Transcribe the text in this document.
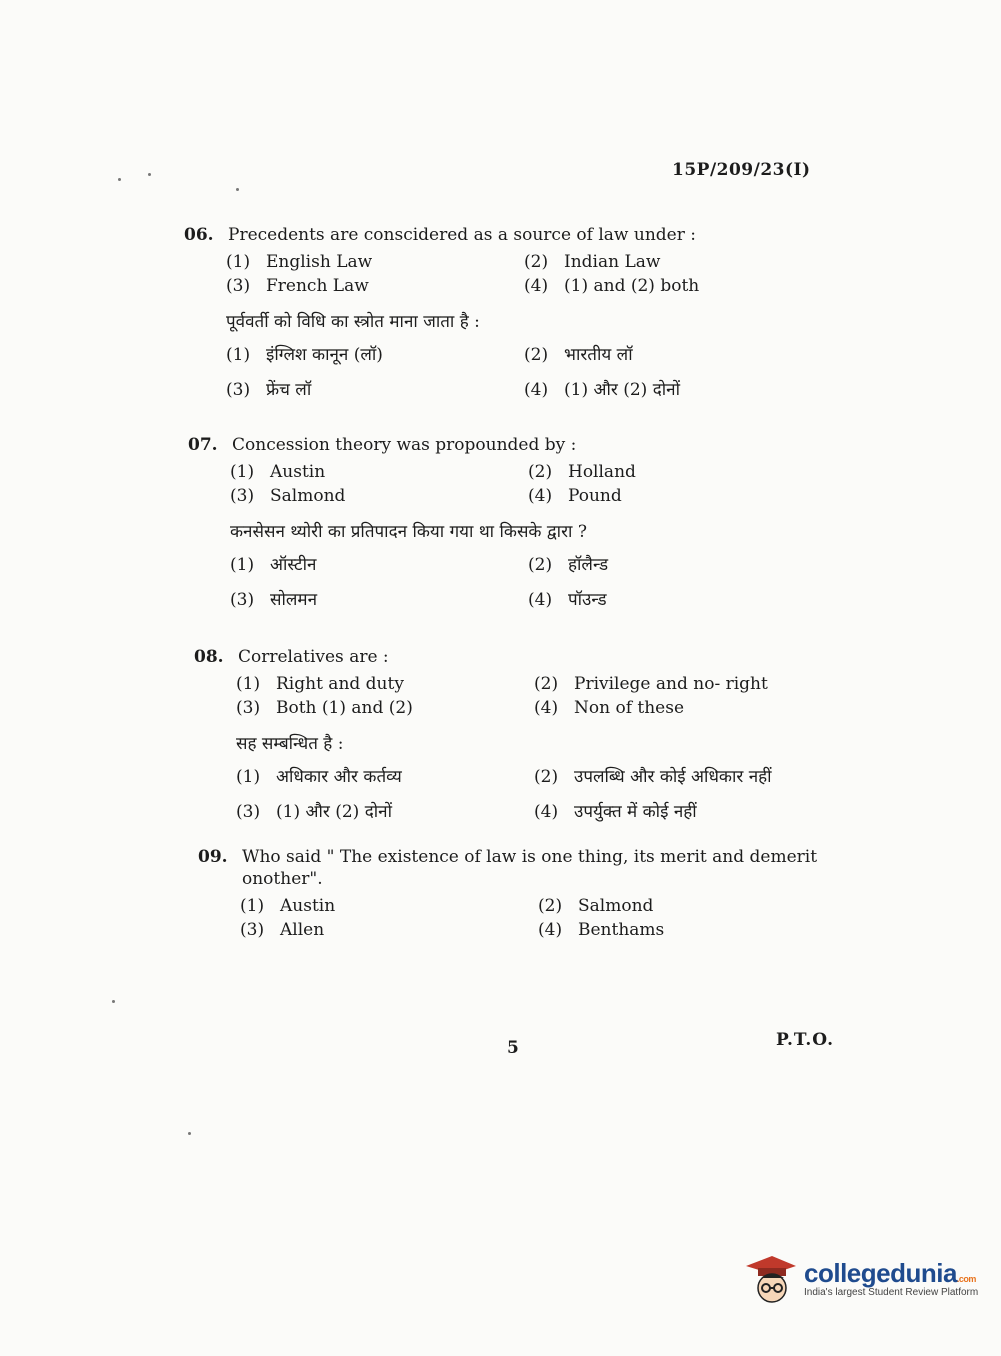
15P/209/23(I)
06. Precedents are conscidered as a source of law under :
(1) English Law	(2) Indian Law
(3) French Law	(4) (1) and (2) both
पूर्ववर्ती को विधि का स्त्रोत माना जाता है :
(1) इंग्लिश कानून (लॉ)	(2) भारतीय लॉ
(3) फ्रेंच लॉ	(4) (1) और (2) दोनों
07. Concession theory was propounded by :
(1) Austin	(2) Holland
(3) Salmond	(4) Pound
कनसेसन थ्योरी का प्रतिपादन किया गया था किसके द्वारा ?
(1) ऑस्टीन	(2) हॉलैन्ड
(3) सोलमन	(4) पॉउन्ड
08. Correlatives are :
(1) Right and duty	(2) Privilege and no- right
(3) Both (1) and (2)	(4) Non of these
सह सम्बन्धित है :
(1) अधिकार और कर्तव्य	(2) उपलब्धि और कोई अधिकार नहीं
(3) (1) और (2) दोनों	(4) उपर्युक्त में कोई नहीं
09. Who said " The existence of law is one thing, its merit and demerit onother".
(1) Austin	(2) Salmond
(3) Allen	(4) Benthams
5	P.T.O.
collegedunia.com
India's largest Student Review Platform
